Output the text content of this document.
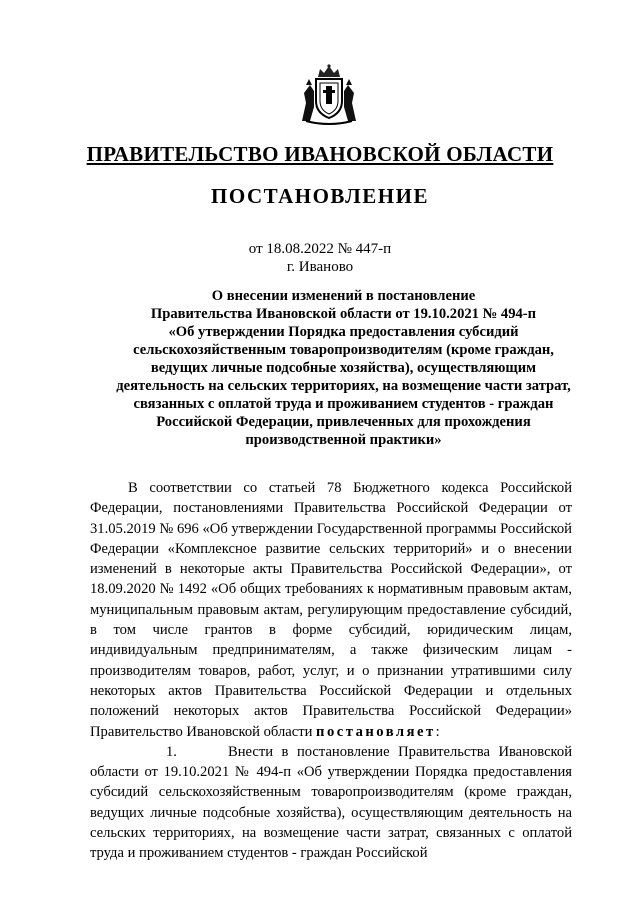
ПРАВИТЕЛЬСТВО ИВАНОВСКОЙ ОБЛАСТИ
ПОСТАНОВЛЕНИЕ
от 18.08.2022 № 447-п
г. Иваново
О внесении изменений в постановление
Правительства Ивановской области от 19.10.2021 № 494-п
«Об утверждении Порядка предоставления субсидий
сельскохозяйственным товаропроизводителям (кроме граждан,
ведущих личные подсобные хозяйства), осуществляющим
деятельность на сельских территориях, на возмещение части затрат,
связанных с оплатой труда и проживанием студентов - граждан
Российской Федерации, привлеченных для прохождения
производственной практики»

В соответствии со статьей 78 Бюджетного кодекса Российской Федерации, постановлениями Правительства Российской Федерации от 31.05.2019 № 696 «Об утверждении Государственной программы Российской Федерации «Комплексное развитие сельских территорий» и о внесении изменений в некоторые акты Правительства Российской Федерации», от 18.09.2020 № 1492 «Об общих требованиях к нормативным правовым актам, муниципальным правовым актам, регулирующим предоставление субсидий, в том числе грантов в форме субсидий, юридическим лицам, индивидуальным предпринимателям, а также физическим лицам - производителям товаров, работ, услуг, и о признании утратившими силу некоторых актов Правительства Российской Федерации и отдельных положений некоторых актов Правительства Российской Федерации» Правительство Ивановской области постановляет:

1.	Внести в постановление Правительства Ивановской области от 19.10.2021 № 494-п «Об утверждении Порядка предоставления субсидий сельскохозяйственным товаропроизводителям (кроме граждан, ведущих личные подсобные хозяйства), осуществляющим деятельность на сельских территориях, на возмещение части затрат, связанных с оплатой труда и проживанием студентов - граждан Российской
